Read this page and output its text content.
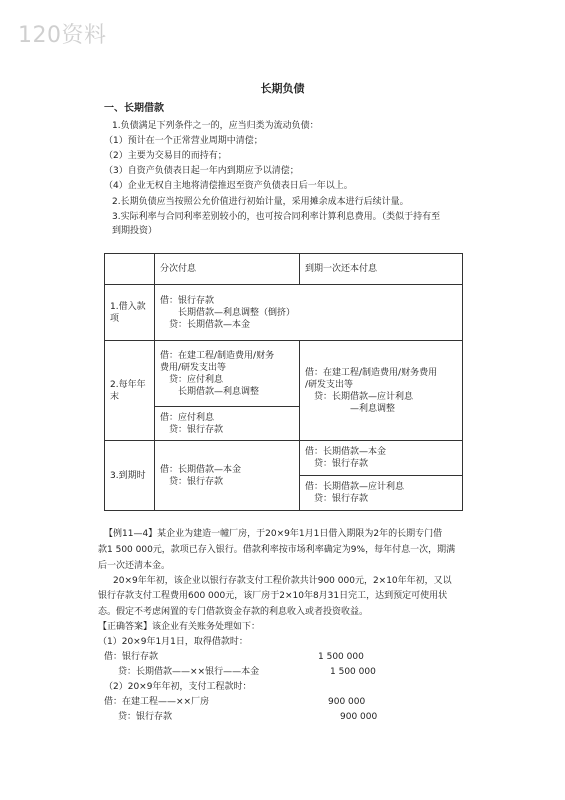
120资料
长期负债
一、长期借款
1.负债满足下列条件之一的，应当归类为流动负债：
（1）预计在一个正常营业周期中清偿；
（2）主要为交易目的而持有；
（3）自资产负债表日起一年内到期应予以清偿；
（4）企业无权自主地将清偿推迟至资产负债表日后一年以上。
2.长期负债应当按照公允价值进行初始计量，采用摊余成本进行后续计量。
3.实际利率与合同利率差别较小的，也可按合同利率计算利息费用。（类似于持有至
到期投资）
	分次付息	到期一次还本付息

1.借入款
项	借：银行存款
　　长期借款—利息调整（倒挤）
　贷：长期借款—本金	

2.每年年
末	借：在建工程/制造费用/财务
费用/研发支出等
　贷：应付利息
　　长期借款—利息调整	借：在建工程/制造费用/财务费用
/研发支出等
　贷：长期借款—应计利息
　　　　　—利息调整

	借：应付利息
　贷：银行存款	

3.到期时	借：长期借款—本金
　贷：银行存款	借：长期借款—本金
　贷：银行存款

		借：长期借款—应计利息
　贷：银行存款
【例11—4】某企业为建造一幢厂房，于20×9年1月1日借入期限为2年的长期专门借
款1 500 000元，款项已存入银行。借款利率按市场利率确定为9%，每年付息一次，期满
后一次还清本金。
　20×9年年初，该企业以银行存款支付工程价款共计900 000元，2×10年年初，又以
银行存款支付工程费用600 000元，该厂房于2×10年8月31日完工，达到预定可使用状
态。假定不考虑闲置的专门借款资金存款的利息收入或者投资收益。
【正确答案】该企业有关账务处理如下：
（1）20×9年1月1日，取得借款时：
借：银行存款	1 500 000
贷：长期借款——××银行——本金	1 500 000
（2）20×9年年初，支付工程款时：
借：在建工程——××厂房	900 000
贷：银行存款	900 000
